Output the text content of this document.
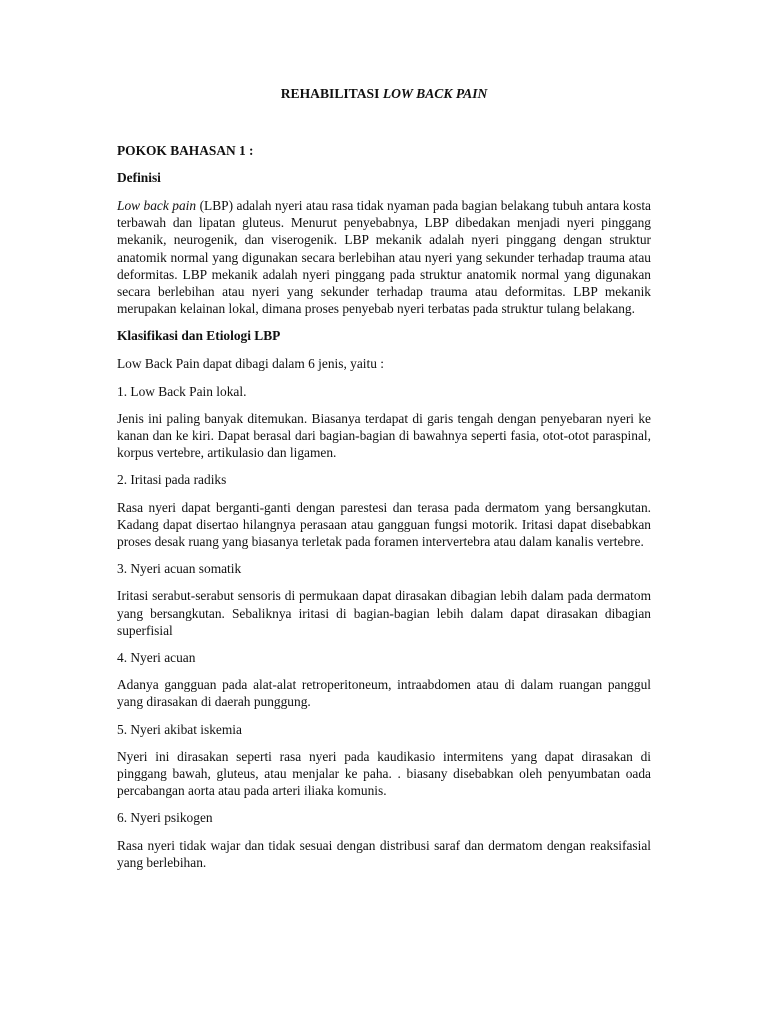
REHABILITASI LOW BACK PAIN
POKOK BAHASAN 1 :
Definisi

Low back pain (LBP) adalah nyeri atau rasa tidak nyaman pada bagian belakang tubuh antara kosta terbawah dan lipatan gluteus. Menurut penyebabnya, LBP dibedakan menjadi nyeri pinggang mekanik, neurogenik, dan viserogenik. LBP mekanik adalah nyeri pinggang dengan struktur anatomik normal yang digunakan secara berlebihan atau nyeri yang sekunder terhadap trauma atau deformitas. LBP mekanik adalah nyeri pinggang pada struktur anatomik normal yang digunakan secara berlebihan atau nyeri yang sekunder terhadap trauma atau deformitas. LBP mekanik merupakan kelainan lokal, dimana proses penyebab nyeri terbatas pada struktur tulang belakang.

Klasifikasi dan Etiologi LBP

Low Back Pain dapat dibagi dalam 6 jenis, yaitu :

1. Low Back Pain lokal.

Jenis ini paling banyak ditemukan. Biasanya terdapat di garis tengah dengan penyebaran nyeri ke kanan dan ke kiri. Dapat berasal dari bagian-bagian di bawahnya seperti fasia, otot-otot paraspinal, korpus vertebre, artikulasio dan ligamen.

2. Iritasi pada radiks

Rasa nyeri dapat berganti-ganti dengan parestesi dan terasa pada dermatom yang bersangkutan. Kadang dapat disertao hilangnya perasaan atau gangguan fungsi motorik. Iritasi dapat disebabkan proses desak ruang yang biasanya terletak pada foramen intervertebra atau dalam kanalis vertebre.

3. Nyeri acuan somatik

Iritasi serabut-serabut sensoris di permukaan dapat dirasakan dibagian lebih dalam pada dermatom yang bersangkutan. Sebaliknya iritasi di bagian-bagian lebih dalam dapat dirasakan dibagian superfisial

4. Nyeri acuan

Adanya gangguan pada alat-alat retroperitoneum, intraabdomen atau di dalam ruangan panggul yang dirasakan di daerah punggung.

5. Nyeri akibat iskemia

Nyeri ini dirasakan seperti rasa nyeri pada kaudikasio intermitens yang dapat dirasakan di pinggang bawah, gluteus, atau menjalar ke paha. . biasany disebabkan oleh penyumbatan oada percabangan aorta atau pada arteri iliaka komunis.

6. Nyeri psikogen

Rasa nyeri tidak wajar dan tidak sesuai dengan distribusi saraf dan dermatom dengan reaksifasial yang berlebihan.
